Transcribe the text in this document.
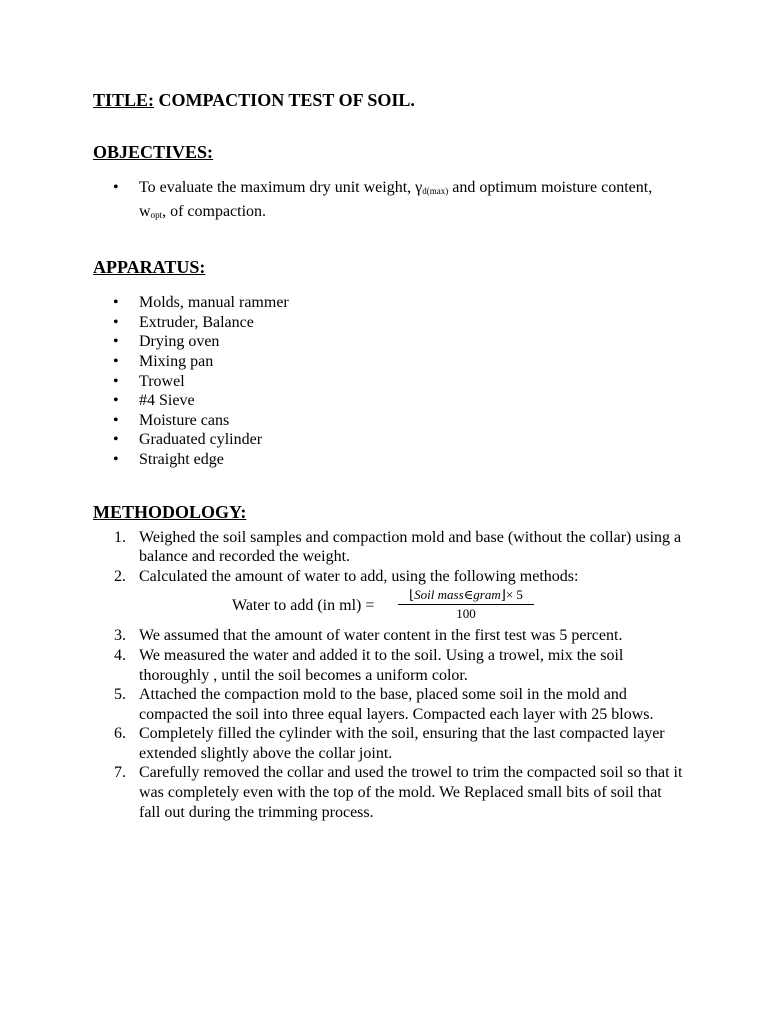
TITLE: COMPACTION TEST OF SOIL.

OBJECTIVES:
• To evaluate the maximum dry unit weight, $\gamma_{d(max)}$ and optimum moisture content, $w_{opt}$, of compaction.
APPARATUS:
• Molds, manual rammer
• Extruder, Balance
• Drying oven
• Mixing pan
• Trowel
• #4 Sieve
• Moisture cans
• Graduated cylinder
• Straight edge
METHODOLOGY:
1. Weighed the soil samples and compaction mold and base (without the collar) using a balance and recorded the weight.
2. Calculated the amount of water to add, using the following methods:
Water to add (in ml) =
⌊Soil mass∈gram⌋× 5
100
3. We assumed that the amount of water content in the first test was 5 percent.
4. We measured the water and added it to the soil. Using a trowel, mix the soil thoroughly , until the soil becomes a uniform color.
5. Attached the compaction mold to the base, placed some soil in the mold and compacted the soil into three equal layers. Compacted each layer with 25 blows.
6. Completely filled the cylinder with the soil, ensuring that the last compacted layer extended slightly above the collar joint.
7. Carefully removed the collar and used the trowel to trim the compacted soil so that it was completely even with the top of the mold. We Replaced small bits of soil that fall out during the trimming process.
